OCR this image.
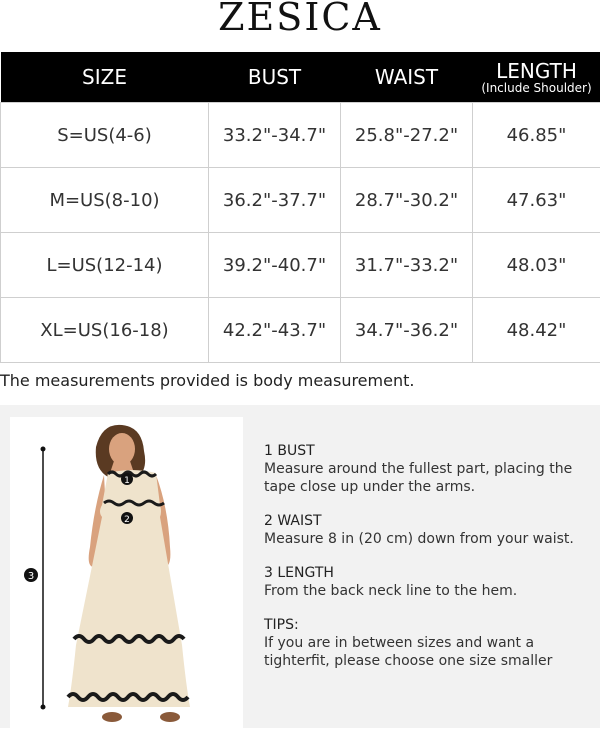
ZESICA
SIZE	BUST	WAIST	LENGTH
(Include Shoulder)

S=US(4-6)	33.2"-34.7"	25.8"-27.2"	46.85"
M=US(8-10)	36.2"-37.7"	28.7"-30.2"	47.63"
L=US(12-14)	39.2"-40.7"	31.7"-33.2"	48.03"
XL=US(16-18)	42.2"-43.7"	34.7"-36.2"	48.42"
The measurements provided is body measurement.
1
2
3
1 BUST
Measure around the fullest part, placing the tape close up under the arms.
2 WAIST
Measure 8 in (20 cm) down from your waist.
3 LENGTH
From the back neck line to the hem.
TIPS:
If you are in between sizes and want a tighterfit, please choose one size smaller
